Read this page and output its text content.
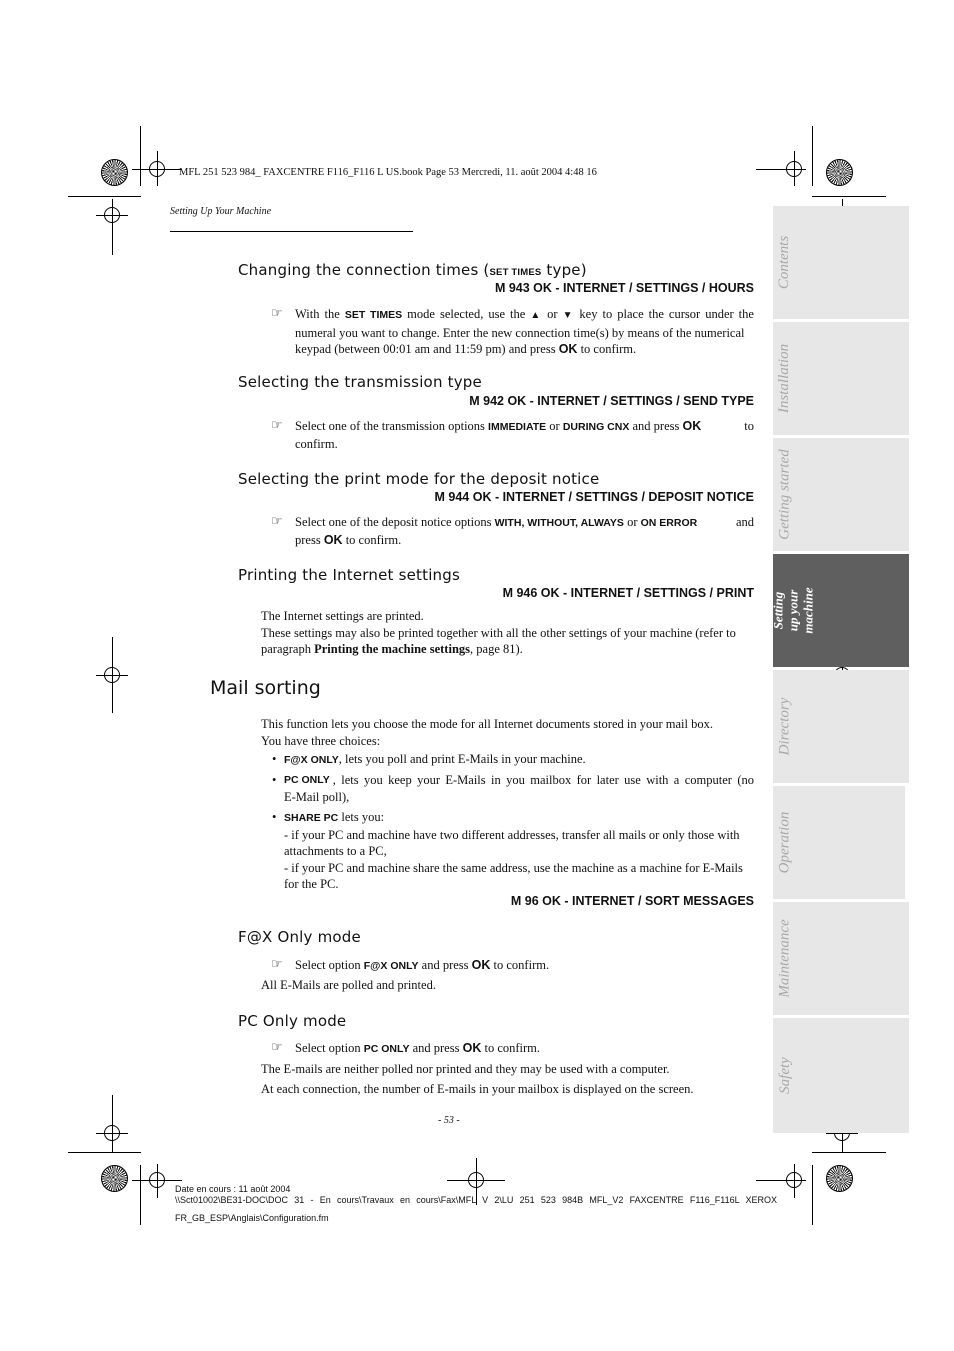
MFL 251 523 984_ FAXCENTRE F116_F116 L US.book Page 53 Mercredi, 11. août 2004 4:48 16
Setting Up Your Machine
Contents
Installation
Getting started
Setting up your machine
Directory
Operation
Maintenance
Safety
Changing the connection times (SET TIMES type)
M 943 OK - INTERNET / SETTINGS / HOURS
☞ With the SET TIMES mode selected, use the ▲ or ▼ key to place the cursor under the

numeral you want to change. Enter the new connection time(s) by means of the numerical

keypad (between 00:01 am and 11:59 pm) and press OK to confirm.

Selecting the transmission type
M 942 OK - INTERNET / SETTINGS / SEND TYPE
☞ Select one of the transmission options IMMEDIATE or DURING CNX and press OK	to

confirm.

Selecting the print mode for the deposit notice
M 944 OK - INTERNET / SETTINGS / DEPOSIT NOTICE
☞ Select one of the deposit notice options WITH, WITHOUT, ALWAYS or ON ERROR	and

press OK to confirm.

Printing the Internet settings
M 946 OK - INTERNET / SETTINGS / PRINT

The Internet settings are printed.

These settings may also be printed together with all the other settings of your machine (refer to

paragraph Printing the machine settings, page 81).

Mail sorting

This function lets you choose the mode for all Internet documents stored in your mail box.

You have three choices:

• F@X ONLY, lets you poll and print E-Mails in your machine.

• PC ONLY , lets you keep your E-Mails in you mailbox for later use with a computer (no

E-Mail poll),

• SHARE PC lets you:

- if your PC and machine have two different addresses, transfer all mails or only those with

attachments to a PC,

- if your PC and machine share the same address, use the machine as a machine for E-Mails

for the PC.

M 96 OK - INTERNET / SORT MESSAGES
F@X Only mode
☞ Select option F@X ONLY and press OK to confirm.

All E-Mails are polled and printed.
PC Only mode
☞ Select option PC ONLY and press OK to confirm.

The E-mails are neither polled nor printed and they may be used with a computer.

At each connection, the number of E-mails in your mailbox is displayed on the screen.

- 53 -
Date en cours : 11 août 2004
\\Sct01002\BE31-DOC\DOC 31 - En cours\Travaux en cours\Fax\MFL V 2\LU 251 523 984B MFL_V2 FAXCENTRE F116_F116L XEROX
FR_GB_ESP\Anglais\Configuration.fm
